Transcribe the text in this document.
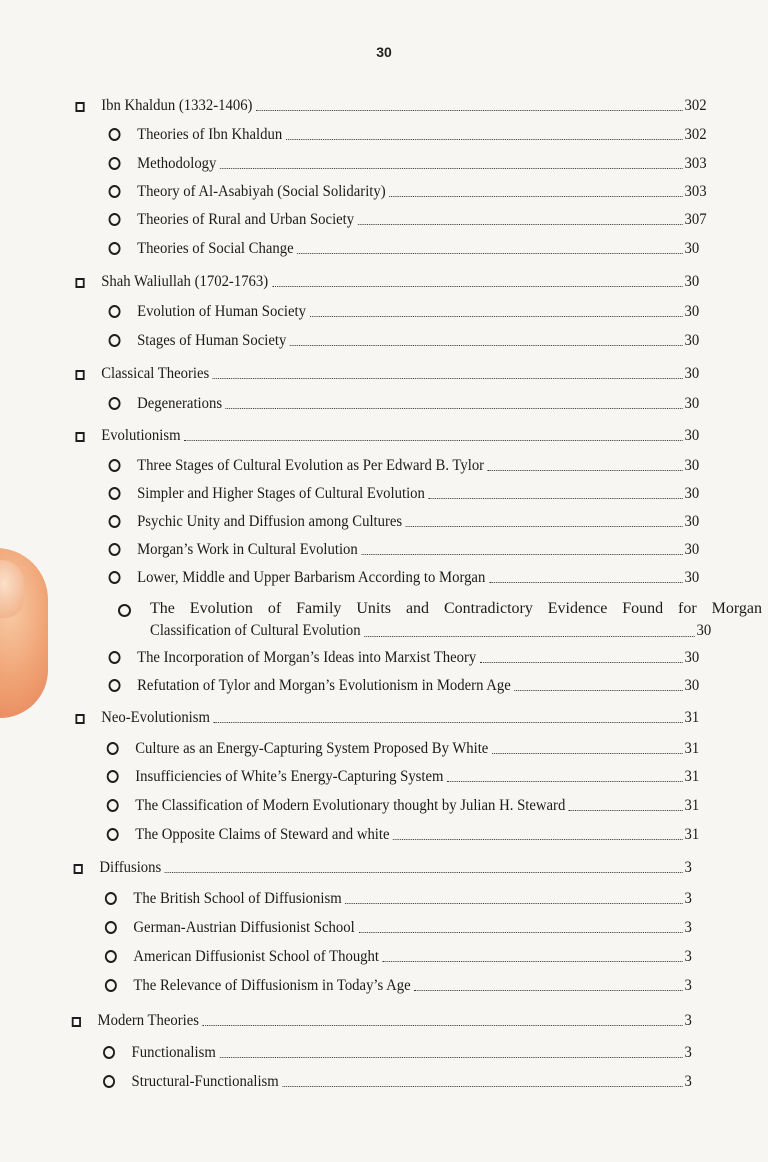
30
Ibn Khaldun (1332-1406)	302
Theories of Ibn Khaldun	302
Methodology	303
Theory of Al-Asabiyah (Social Solidarity)	303
Theories of Rural and Urban Society	307
Theories of Social Change	30
Shah Waliullah (1702-1763)	30
Evolution of Human Society	30
Stages of Human Society	30
Classical Theories	30
Degenerations	30
Evolutionism	30
Three Stages of Cultural Evolution as Per Edward B. Tylor	30
Simpler and Higher Stages of Cultural Evolution	30
Psychic Unity and Diffusion among Cultures	30
Morgan’s Work in Cultural Evolution	30
Lower, Middle and Upper Barbarism According to Morgan	30
The Evolution of Family Units and Contradictory Evidence Found for Morgan
Classification of Cultural Evolution	30
The Incorporation of Morgan’s Ideas into Marxist Theory	30
Refutation of Tylor and Morgan’s Evolutionism in Modern Age	30
Neo-Evolutionism	31
Culture as an Energy-Capturing System Proposed By White	31
Insufficiencies of White’s Energy-Capturing System	31
The Classification of Modern Evolutionary thought by Julian H. Steward	31
The Opposite Claims of Steward and white	31
Diffusions	3
The British School of Diffusionism	3
German-Austrian Diffusionist School	3
American Diffusionist School of Thought	3
The Relevance of Diffusionism in Today’s Age	3
Modern Theories	3
Functionalism	3
Structural-Functionalism	3
